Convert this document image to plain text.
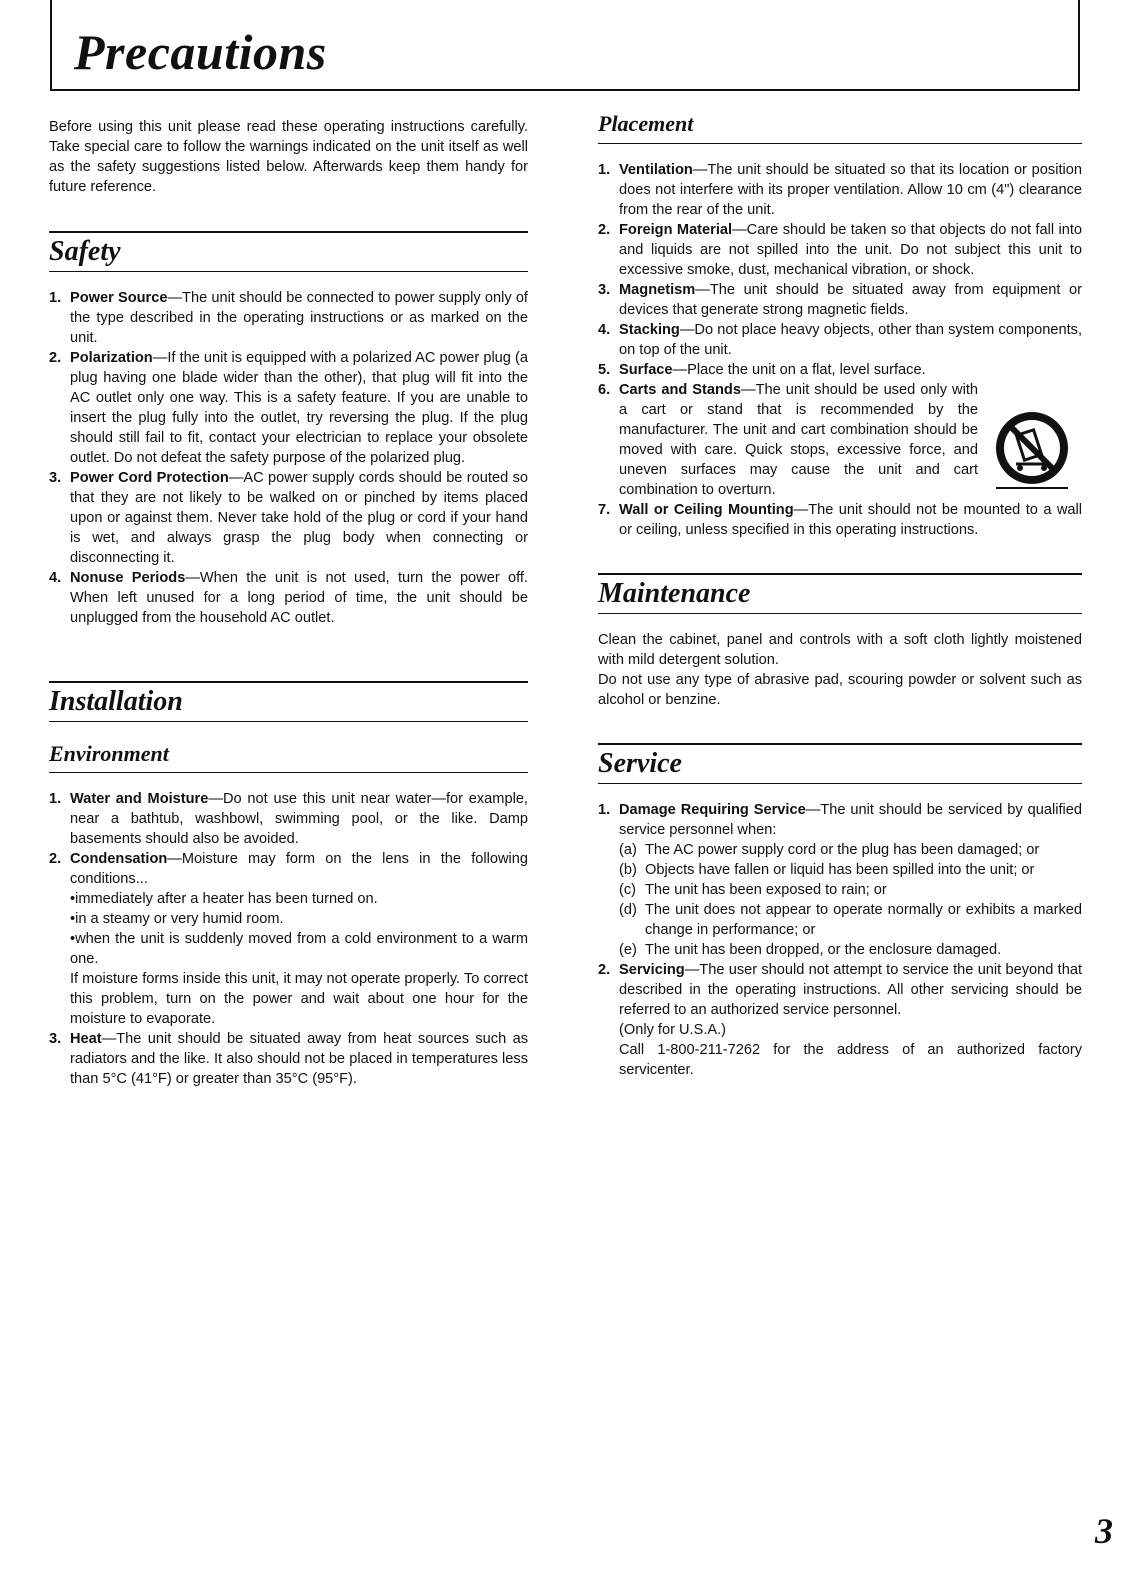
Precautions

Before using this unit please read these operating instructions carefully. Take special care to follow the warnings indicated on the unit itself as well as the safety suggestions listed below. Afterwards keep them handy for future reference.

Safety
1. Power Source—The unit should be connected to power supply only of the type described in the operating instructions or as marked on the unit.
2. Polarization—If the unit is equipped with a polarized AC power plug (a plug having one blade wider than the other), that plug will fit into the AC outlet only one way. This is a safety feature. If you are unable to insert the plug fully into the outlet, try reversing the plug. If the plug should still fail to fit, contact your electrician to replace your obsolete outlet. Do not defeat the safety purpose of the polarized plug.
3. Power Cord Protection—AC power supply cords should be routed so that they are not likely to be walked on or pinched by items placed upon or against them. Never take hold of the plug or cord if your hand is wet, and always grasp the plug body when connecting or disconnecting it.
4. Nonuse Periods—When the unit is not used, turn the power off. When left unused for a long period of time, the unit should be unplugged from the household AC outlet.
Installation
Environment
1. Water and Moisture—Do not use this unit near water—for example, near a bathtub, washbowl, swimming pool, or the like. Damp basements should also be avoided.
2. Condensation—Moisture may form on the lens in the following conditions...
•immediately after a heater has been turned on.
•in a steamy or very humid room.
•when the unit is suddenly moved from a cold environment to a warm one.
If moisture forms inside this unit, it may not operate properly. To correct this problem, turn on the power and wait about one hour for the moisture to evaporate.
3. Heat—The unit should be situated away from heat sources such as radiators and the like. It also should not be placed in temperatures less than 5°C (41°F) or greater than 35°C (95°F).
Placement
1. Ventilation—The unit should be situated so that its location or position does not interfere with its proper ventilation. Allow 10 cm (4") clearance from the rear of the unit.
2. Foreign Material—Care should be taken so that objects do not fall into and liquids are not spilled into the unit. Do not subject this unit to excessive smoke, dust, mechanical vibration, or shock.
3. Magnetism—The unit should be situated away from equipment or devices that generate strong magnetic fields.
4. Stacking—Do not place heavy objects, other than system components, on top of the unit.
5. Surface—Place the unit on a flat, level surface.
6. Carts and Stands—The unit should be used only with a cart or stand that is recommended by the manufacturer. The unit and cart combination should be moved with care. Quick stops, excessive force, and uneven surfaces may cause the unit and cart combination to overturn.
7. Wall or Ceiling Mounting—The unit should not be mounted to a wall or ceiling, unless specified in this operating instructions.
Maintenance

Clean the cabinet, panel and controls with a soft cloth lightly moistened with mild detergent solution.

Do not use any type of abrasive pad, scouring powder or solvent such as alcohol or benzine.

Service
1. Damage Requiring Service—The unit should be serviced by qualified service personnel when:
(a) The AC power supply cord or the plug has been damaged; or
(b) Objects have fallen or liquid has been spilled into the unit; or
(c) The unit has been exposed to rain; or
(d) The unit does not appear to operate normally or exhibits a marked change in performance; or
(e) The unit has been dropped, or the enclosure damaged.
2. Servicing—The user should not attempt to service the unit beyond that described in the operating instructions. All other servicing should be referred to an authorized service personnel.
(Only for U.S.A.)
Call 1-800-211-7262 for the address of an authorized factory servicenter.
3
